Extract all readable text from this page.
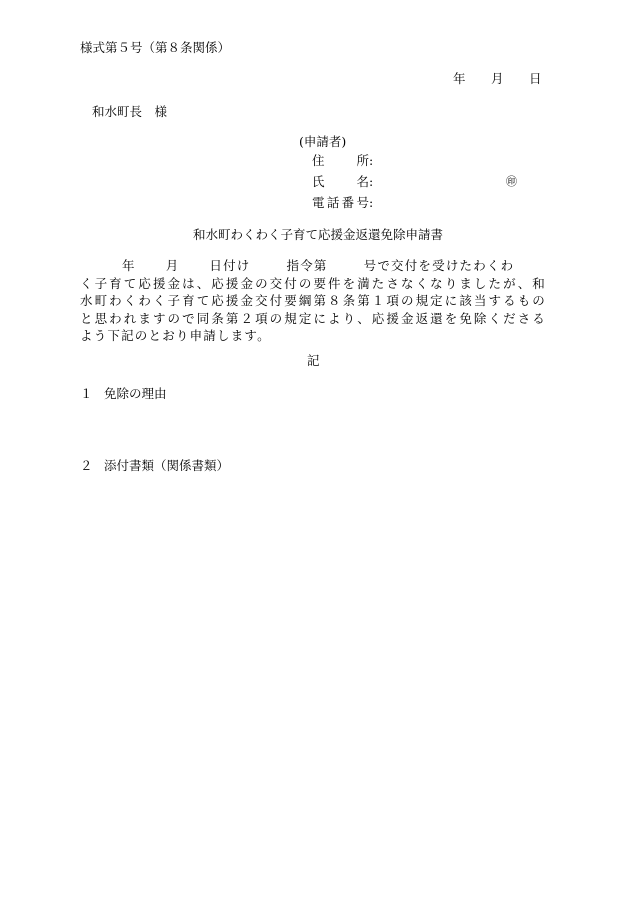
様式第５号（第８条関係）
年 月 日
和水町長　様
(申請者)
住　所:
氏　名:	㊞
電話番号:
和水町わくわく子育て応援金返還免除申請書
年 月 日付け	指令第	号で交付を受けたわくわ
く子育て応援金は、応援金の交付の要件を満たさなくなりましたが、和
水町わくわく子育て応援金交付要綱第８条第１項の規定に該当するもの
と思われますので同条第２項の規定により、応援金返還を免除くださる
よう下記のとおり申請します。
記
１ 免除の理由
２ 添付書類（関係書類）
